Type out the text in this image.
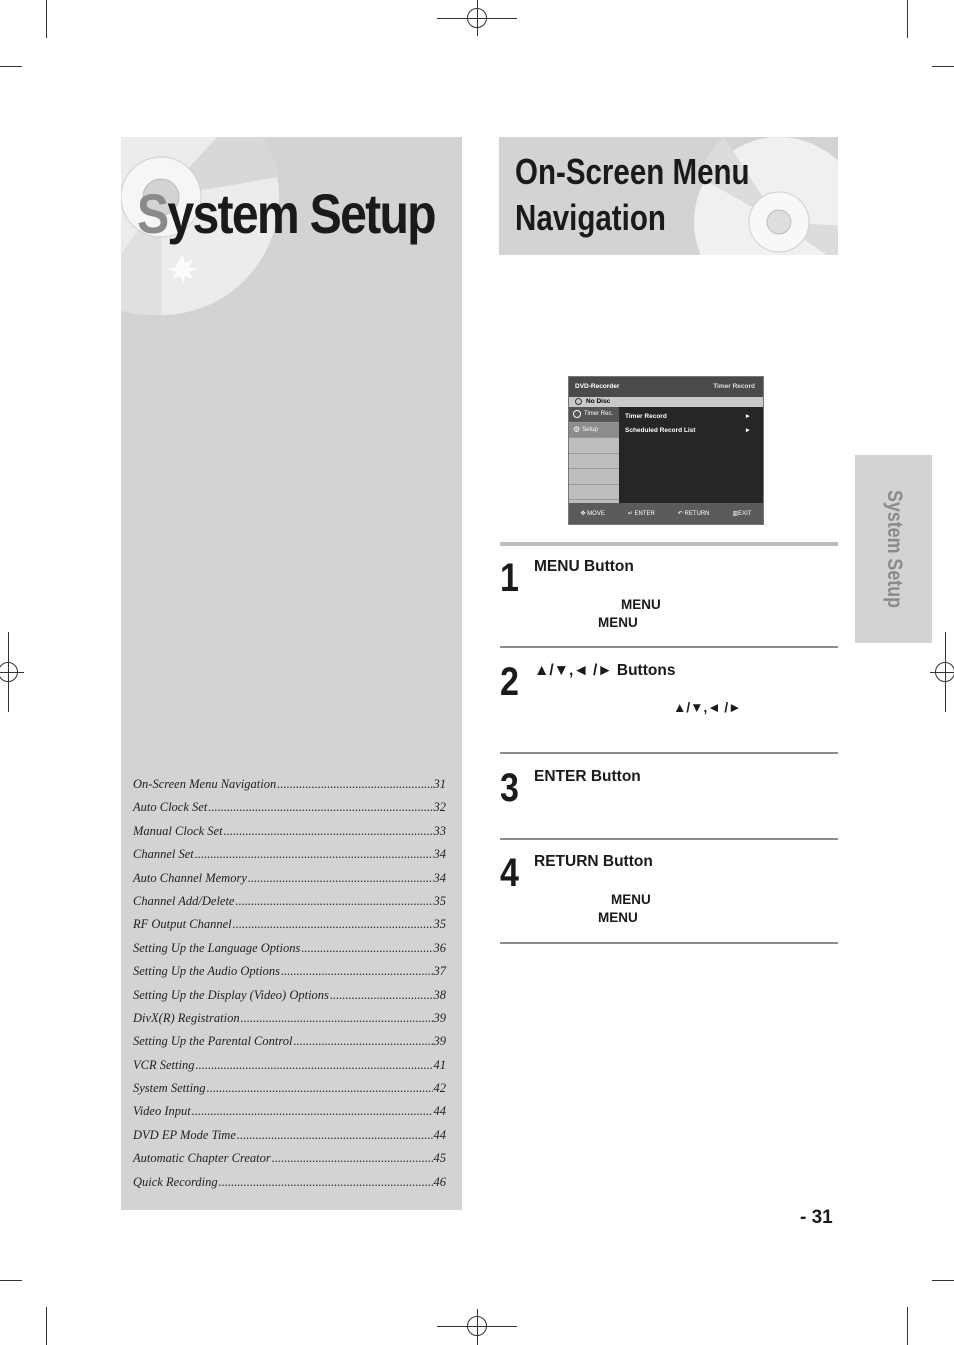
System Setup
On-Screen Menu Navigation .....	31
Auto Clock Set .....	32
Manual Clock Set .....	33
Channel Set .....	34
Auto Channel Memory .....	34
Channel Add/Delete .....	35
RF Output Channel .....	35
Setting Up the Language Options .....	36
Setting Up the Audio Options .....	37
Setting Up the Display (Video) Options .....	38
DivX(R) Registration .....	39
Setting Up the Parental Control .....	39
VCR Setting .....	41
System Setting .....	42
Video Input .....	44
DVD EP Mode Time .....	44
Automatic Chapter Creator .....	45
Quick Recording .....	46
On-Screen Menu
Navigation
System Setup
DVD-Recorder	Timer Record
No Disc
Timer Rec.
⚙ Setup
Timer Record	►
Scheduled Record List	►
✥ MOVE	↵ ENTER	↶ RETURN	▥EXIT
1 MENU Button
MENU
MENU
2 ▲/▼,◄ /► Buttons
▲/▼,◄ /►
3 ENTER Button
4 RETURN Button
MENU
MENU
- 31
